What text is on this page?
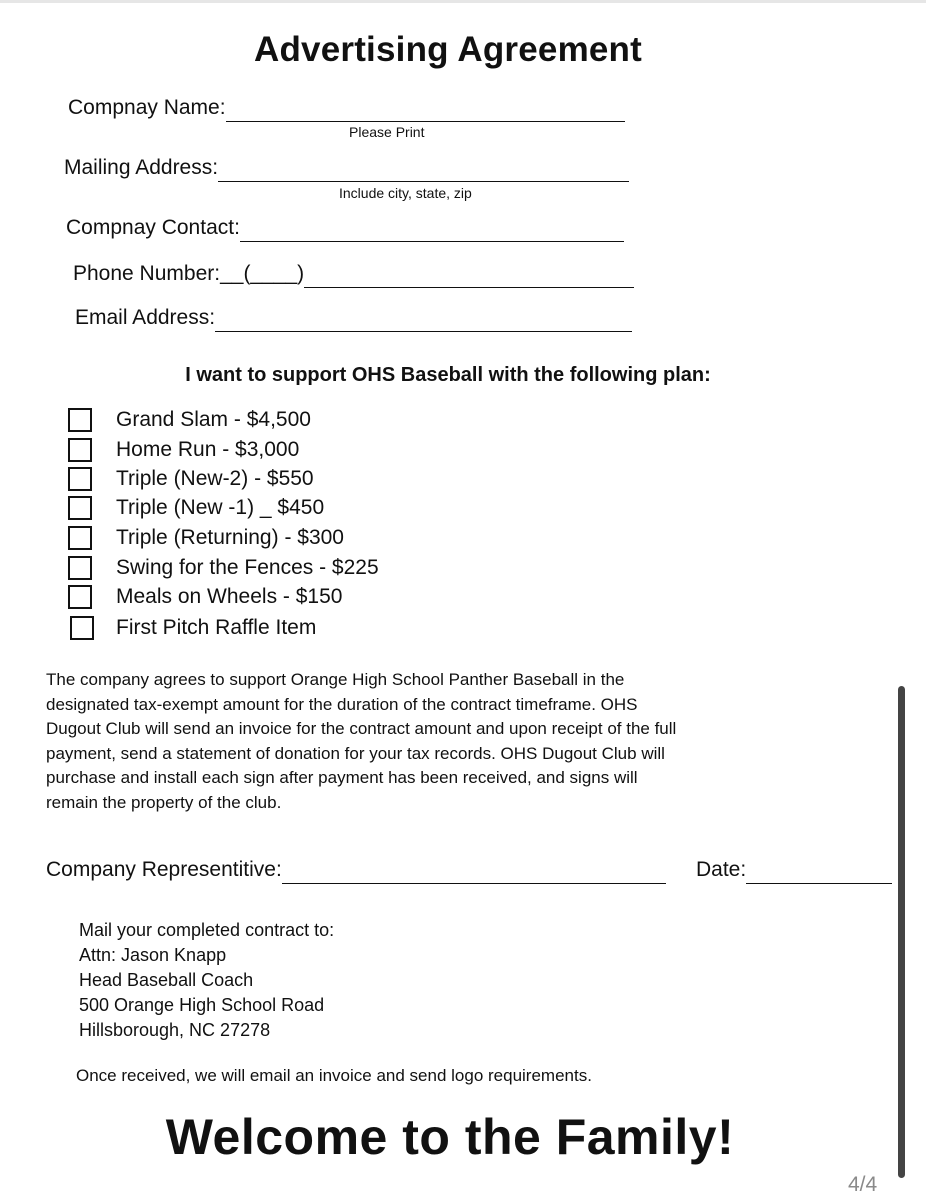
Advertising Agreement
Compnay Name:
Please Print
Mailing Address:
Include city, state, zip
Compnay Contact:
Phone Number:__(____)
Email Address:
I want to support OHS Baseball with the following plan:
Grand Slam - $4,500
Home Run - $3,000
Triple (New-2) - $550
Triple (New -1) _ $450
Triple (Returning) - $300
Swing for the Fences - $225
Meals on Wheels - $150
First Pitch Raffle Item
The company agrees to support Orange High School Panther Baseball in the
designated tax-exempt amount for the duration of the contract timeframe. OHS
Dugout Club will send an invoice for the contract amount and upon receipt of the full
payment, send a statement of donation for your tax records. OHS Dugout Club will
purchase and install each sign after payment has been received, and signs will
remain the property of the club.
Company Representitive:	Date:
Mail your completed contract to:
Attn: Jason Knapp
Head Baseball Coach
500 Orange High School Road
Hillsborough, NC 27278
Once received, we will email an invoice and send logo requirements.
Welcome to the Family!
4/4
